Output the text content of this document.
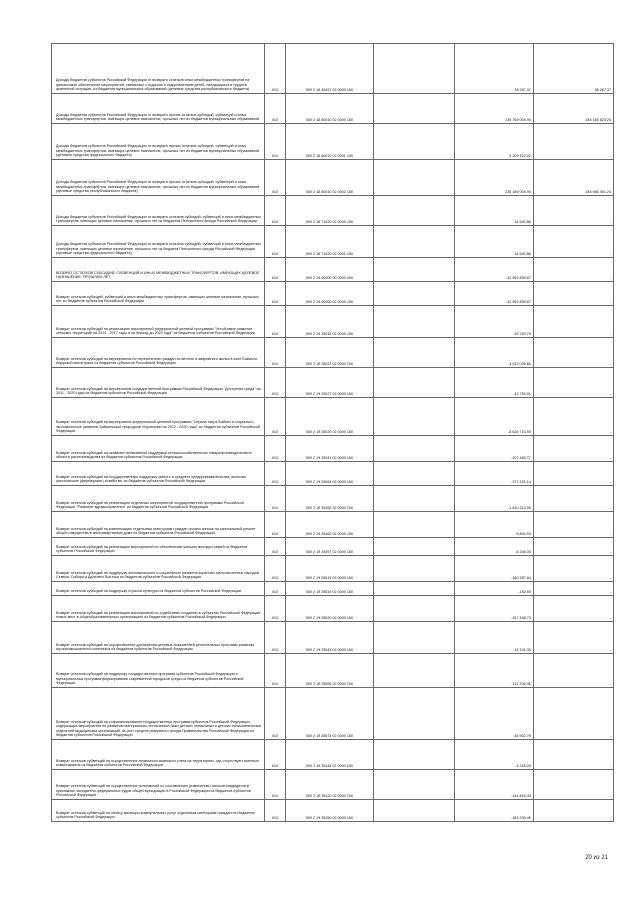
Доходы бюджетов субъектов Российской Федерации от возврата остатков иных межбюджетных трансфертов на финансовое обеспечение мероприятий, связанных с отдыхом и оздоровлением детей, находящихся в трудной жизненной ситуации, из бюджетов муниципальных образований (целевые средства республиканского бюджета)	010	000 2 18 45457 02 0000 150		38 267,37	38 267,37
Доходы бюджетов субъектов Российской Федерации от возврата прочих остатков субсидий, субвенций и иных межбюджетных трансфертов, имеющих целевое назначение, прошлых лет из бюджетов муниципальных образований	010	000 2 18 60010 02 0000 150		239 769 004,90	248 165 823,26
Доходы бюджетов субъектов Российской Федерации от возврата прочих остатков субсидий, субвенций и иных межбюджетных трансфертов, имеющих целевое назначение, прошлых лет из бюджетов муниципальных образований (целевые средства федерального бюджета)	010	000 2 18 60010 02 0001 150		5 209 422,02	-
Доходы бюджетов субъектов Российской Федерации от возврата прочих остатков субсидий, субвенций и иных межбюджетных трансфертов, имеющих целевое назначение, прошлых лет из бюджетов муниципальных образований (целевые средства республиканского бюджета)	010	000 2 18 60010 02 0002 150		235 189 004,90	248 986 401,24
Доходы бюджетов субъектов Российской Федерации от возврата остатков субсидий, субвенций и иных межбюджетных трансфертов, имеющих целевое назначение, прошлых лет из бюджетов Пенсионного фонда Российской Федерации	010	000 2 18 71020 02 0000 150		34 593,86	-
Доходы бюджетов субъектов Российской Федерации от возврата остатков субсидий, субвенций и иных межбюджетных трансфертов, имеющих целевое назначение, прошлых лет из бюджета Пенсионного фонда Российской Федерации (целевые средства федерального бюджета)	010	000 2 18 71020 02 0001 150		34 593,86	-
ВОЗВРАТ ОСТАТКОВ СУБСИДИЙ, СУБВЕНЦИЙ И ИНЫХ МЕЖБЮДЖЕТНЫХ ТРАНСФЕРТОВ, ИМЕЮЩИХ ЦЕЛЕВОЕ НАЗНАЧЕНИЕ, ПРОШЛЫХ ЛЕТ	010	000 2 19 00000 00 0000 000		-32 952 859,67	-
Возврат остатков субсидий, субвенций и иных межбюджетных трансфертов, имеющих целевое назначение, прошлых лет из бюджетов субъектов Российской Федерации	010	000 2 19 00000 02 0000 150		-32 952 859,67	-
Возврат остатков субсидий на реализацию мероприятий федеральной целевой программы "Устойчивое развитие сельских территорий на 2014 - 2017 годы и на период до 2020 года" из бюджетов субъектов Российской Федерации	010	000 2 19 25018 02 0000 150		-39 783,75	-
Возврат остатков субсидий на мероприятия по переселению граждан из ветхого и аварийного жилья в зоне Байкало-Амурской магистрали из бюджетов субъектов Российской Федерации	010	000 2 19 25023 02 0000 150		-4 023 036,66	-
Возврат остатков субсидий на мероприятия государственной программы Российской Федерации "Доступная среда" на 2011 - 2020 годы из бюджетов субъектов Российской Федерации	010	000 2 19 25027 02 0000 150		-42 759,01	-
Возврат остатков субсидий на мероприятия федеральной целевой программы "Охрана озера Байкал и социально-экономическое развитие Байкальской природной территории на 2012 - 2020 годы" из бюджетов субъектов Российской Федерации	010	000 2 19 25029 02 0000 150		-8 626 715,59	-
Возврат остатков субсидий на оказание несвязанной поддержки сельскохозяйственным товаропроизводителям в области растениеводства из бюджетов субъектов Российской Федерации	010	000 2 19 25041 02 0000 150		-207 465,77	-
Возврат остатков субсидий на государственную поддержку малого и среднего предпринимательства, включая крестьянские (фермерские) хозяйства, из бюджетов субъектов Российской Федерации	010	000 2 19 25064 02 0000 150		-372 331,14	-
Возврат остатков субсидий на реализацию отдельных мероприятий государственной программы Российской Федерации "Развитие здравоохранения" из бюджетов субъектов Российской Федерации	010	000 2 19 25382 02 0000 150		-1 810 314,99	-
Возврат остатков субсидий на компенсацию отдельным категориям граждан оплаты взноса на капитальный ремонт общего имущества в многоквартирном доме из бюджетов субъектов Российской Федерации	010	000 2 19 25462 02 0000 150		-5 854,93	-
Возврат остатков субсидий на реализацию мероприятий по обеспечению жильем молодых семей из бюджетов субъектов Российской Федерации	010	000 2 19 25497 02 0000 150		-6 348,05	-
Возврат остатков субсидий на поддержку экономического и социального развития коренных малочисленных народов Севера, Сибири и Дальнего Востока из бюджетов субъектов Российской Федерации	010	000 2 19 25515 02 0000 150		-160 387,84	-
Возврат остатков субсидий на поддержку отрасли культуры из бюджетов субъектов Российской Федерации	010	000 2 19 25519 02 0000 150		-182,59	-
Возврат остатков субсидий на реализацию мероприятий по содействию созданию в субъектах Российской Федерации новых мест в общеобразовательных организациях из бюджетов субъектов Российской Федерации	010	000 2 19 25520 02 0000 150		-267 448,73	-
Возврат остатков субсидий на осуществление достижения целевых показателей региональных программ развития агропромышленного комплекса из бюджетов субъектов Российской Федерации	010	000 2 19 25543 02 0000 150		-15 141,30	-
Возврат остатков субсидий на поддержку государственных программ субъектов Российской Федерации и муниципальных программ формирования современной городской среды из бюджетов субъектов Российской Федерации	010	000 2 19 25555 02 0000 150		-112 205,46	-
Возврат остатков субсидий на софинансирование государственных программ субъектов Российской Федерации, содержащих мероприятия по развитию материально-технической базы детских поликлиник и детских поликлинических отделений медицинских организаций, за счет средств резервного фонда Правительства Российской Федерации из бюджетов субъектов Российской Федерации	010	000 2 19 25674 02 0000 150		-46 902,79	-
Возврат остатков субвенций на осуществление первичного воинского учета на территориях, где отсутствуют военные комиссариаты из бюджетов субъектов Российской Федерации	010	000 2 19 35118 02 0000 150		-4 216,33	-
Возврат остатков субвенций на осуществление полномочий по составлению (изменению) списков кандидатов в присяжные заседатели федеральных судов общей юрисдикции в Российской Федерации из бюджетов субъектов Российской Федерации	010	000 2 19 35120 02 0000 150		-144 816,40	-
Возврат остатков субвенций на оплату жилищно-коммунальных услуг отдельным категориям граждан из бюджетов субъектов Российской Федерации	010	000 2 19 35250 02 0000 150		-183 339,45	-
20 из 21
